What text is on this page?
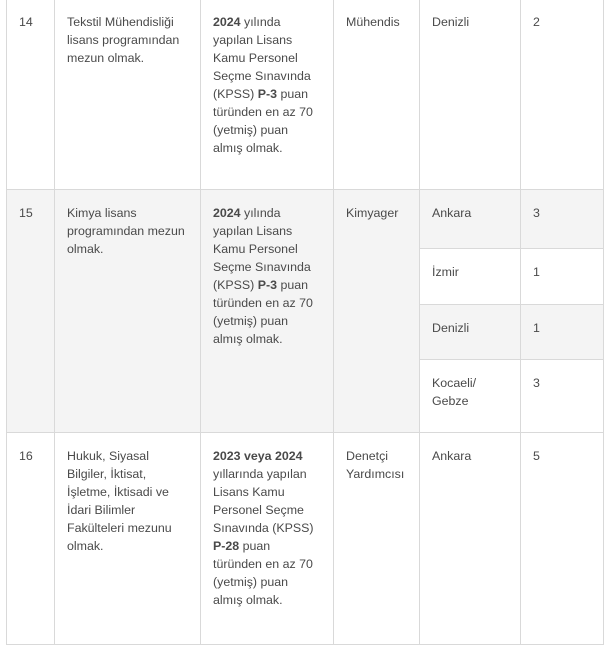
14	Tekstil Mühendisliği lisans programından mezun olmak.	2024 yılında yapılan Lisans Kamu Personel Seçme Sınavında (KPSS) P-3 puan türünden en az 70 (yetmiş) puan almış olmak.	Mühendis	Denizli	2
15	Kimya lisans programından mezun olmak.	2024 yılında yapılan Lisans Kamu Personel Seçme Sınavında (KPSS) P-3 puan türünden en az 70 (yetmiş) puan almış olmak.	Kimyager	Ankara	3
				İzmir	1
				Denizli	1
				Kocaeli/ Gebze	3
16	Hukuk, Siyasal Bilgiler, İktisat, İşletme, İktisadi ve İdari Bilimler Fakülteleri mezunu olmak.	2023 veya 2024 yıllarında yapılan Lisans Kamu Personel Seçme Sınavında (KPSS) P-28 puan türünden en az 70 (yetmiş) puan almış olmak.	Denetçi Yardımcısı	Ankara	5
